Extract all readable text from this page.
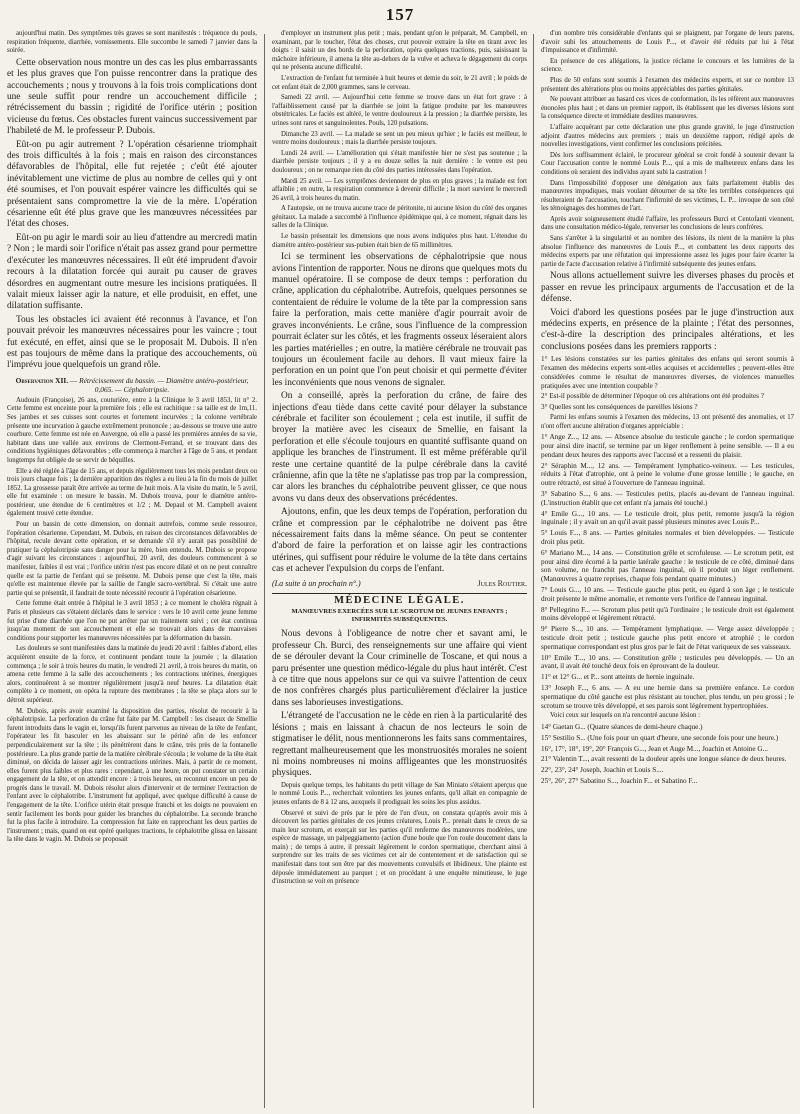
157

aujourd'hui matin. Des symptômes très graves se sont manifestés : fréquence du pouls, respiration fréquente, diarrhée, vomissements. Elle succombe le samedi 7 janvier dans la soirée.

Cette observation nous montre un des cas les plus embarrassants et les plus graves que l'on puisse rencontrer dans la pratique des accouchements ; nous y trouvons à la fois trois complications dont une seule suffit pour rendre un accouchement difficile ; rétrécissement du bassin ; rigidité de l'orifice utérin ; position vicieuse du fœtus. Ces obstacles furent vaincus successivement par l'habileté de M. le professeur P. Dubois.

Eût-on pu agir autrement ? L'opération césarienne triomphait des trois difficultés à la fois ; mais en raison des circonstances défavorables de l'hôpital, elle fut rejetée ; c'eût été ajouter inévitablement une victime de plus au nombre de celles qui y ont été soumises, et l'on pouvait espérer vaincre les difficultés qui se présentaient sans compromettre la vie de la mère. L'opération césarienne eût été plus grave que les manœuvres nécessitées par l'état des choses.

Eût-on pu agir le mardi soir au lieu d'attendre au mercredi matin ? Non ; le mardi soir l'orifice n'était pas assez grand pour permettre d'exécuter les manœuvres nécessaires. Il eût été imprudent d'avoir recours à la dilatation forcée qui aurait pu causer de graves désordres en augmentant outre mesure les incisions pratiquées. Il valait mieux laisser agir la nature, et elle produisit, en effet, une dilatation suffisante.

Tous les obstacles ici avaient été reconnus à l'avance, et l'on pouvait prévoir les manœuvres nécessaires pour les vaincre ; tout fut exécuté, en effet, ainsi que se le proposait M. Dubois. Il n'en est pas toujours de même dans la pratique des accouchements, où l'imprévu joue quelquefois un grand rôle.

Observation XII. — Rétrécissement du bassin. — Diamètre antéro-postérieur, 0,065. — Céphalotripsie.

Audouin (Françoise), 26 ans, couturière, entre à la Clinique le 3 avril 1853, lit n° 2. Cette femme est enceinte pour la première fois ; elle est rachitique : sa taille est de 1m,11. Ses jambes et ses cuisses sont courtes et fortement incurvées ; la colonne vertébrale présente une incurvation à gauche extrêmement prononcée ; au-dessous se trouve une autre courbure. Cette femme est née en Auvergne, où elle a passé les premières années de sa vie, habitant dans une vallée aux environs de Clermont-Ferrand, et se trouvant dans des conditions hygiéniques défavorables ; elle commença à marcher à l'âge de 5 ans, et pendant longtemps fut obligée de se servir de béquilles.

Elle a été réglée à l'âge de 15 ans, et depuis régulièrement tous les mois pendant deux ou trois jours chaque fois ; la dernière apparition des règles a eu lieu à la fin du mois de juillet 1852. La grossesse paraît être arrivée au terme de huit mois. A la visite du matin, le 5 avril, elle fut examinée : on mesure le bassin. M. Dubois trouva, pour le diamètre antéro-postérieur, une étendue de 6 centimètres et 1/2 ; M. Depaul et M. Campbell avaient également trouvé cette étendue.

Pour un bassin de cette dimension, on donnait autrefois, comme seule ressource, l'opération césarienne. Cependant, M. Dubois, en raison des circonstances défavorables de l'hôpital, recule devant cette opération, et se demande s'il n'y aurait pas possibilité de pratiquer la céphalotripsie sans danger pour la mère, bien entendu. M. Dubois se propose d'agir suivant les circonstances : aujourd'hui, 20 avril, des douleurs commencent à se manifester, faibles il est vrai ; l'orifice utérin n'est pas encore dilaté et on ne peut connaître quelle est la partie de l'enfant qui se présente. M. Dubois pense que c'est la tête, mais qu'elle est maintenue élevée par la saillie de l'angle sacro-vertébral. Si c'était une autre partie qui se présentât, il faudrait de toute nécessité recourir à l'opération césarienne.

Cette femme était entrée à l'hôpital le 3 avril 1853 ; à ce moment le choléra régnait à Paris et plusieurs cas s'étaient déclarés dans le service : vers le 10 avril cette jeune femme fut prise d'une diarrhée que l'on ne put arrêter par un traitement suivi ; cet état continua jusqu'au moment de son accouchement et elle se trouvait alors dans de mauvaises conditions pour supporter les manœuvres nécessitées par la déformation du bassin.

Les douleurs se sont manifestées dans la matinée du jeudi 20 avril : faibles d'abord, elles acquièrent ensuite de la force, et continuent pendant toute la journée ; la dilatation commença ; le soir à trois heures du matin, le vendredi 21 avril, à trois heures du matin, on amena cette femme à la salle des accouchements ; les contractions utérines, énergiques alors, continuèrent à se montrer régulièrement jusqu'à neuf heures. La dilatation était complète à ce moment, on opéra la rupture des membranes ; la tête se plaça alors sur le détroit supérieur.

M. Dubois, après avoir examiné la disposition des parties, résolut de recourir à la céphalotripsie. La perforation du crâne fut faite par M. Campbell : les ciseaux de Smellie furent introduits dans le vagin et, lorsqu'ils furent parvenus au niveau de la tête de l'enfant, l'opérateur les fit basculer en les abaissant sur le périné afin de les enfoncer perpendiculairement sur la tête ; ils pénétrèrent dans le crâne, très près de la fontanelle postérieure. La plus grande partie de la matière cérébrale s'écoula ; le volume de la tête était diminué, on décida de laisser agir les contractions utérines. Mais, à partir de ce moment, elles furent plus faibles et plus rares : cependant, à une heure, on put constater un certain engagement de la tête, et on attendit encore : à trois heures, on reconnut encore un peu de progrès dans le travail. M. Dubois résolut alors d'intervenir et de terminer l'extraction de l'enfant avec le céphalotribe. L'instrument fut appliqué, avec quelque difficulté à cause de l'engagement de la tête. L'orifice utérin était presque franchi et les doigts ne pouvaient en sentir facilement les bords pour guider les branches du céphalotribe. La seconde branche fut la plus facile à introduire. La compression fut faite en rapprochant les deux parties de l'instrument ; mais, quand on eut opéré quelques tractions, le céphalotribe glissa en laissant la tête dans le vagin. M. Dubois se proposait

d'employer un instrument plus petit ; mais, pendant qu'on le préparait, M. Campbell, en examinant, par le toucher, l'état des choses, crut pouvoir extraire la tête en tirant avec les doigts : il saisit un des bords de la perforation, opéra quelques tractions, puis, saisissant la mâchoire inférieure, il amena la tête au-dehors de la vulve et acheva le dégagement du corps qui ne présenta aucune difficulté.

L'extraction de l'enfant fut terminée à huit heures et demie du soir, le 21 avril ; le poids de cet enfant était de 2,000 grammes, sans le cerveau.

Samedi 22 avril. — Aujourd'hui cette femme se trouve dans un état fort grave : à l'affaiblissement causé par la diarrhée se joint la fatigue produite par les manœuvres obstétricales. Le faciès est altéré, le ventre douloureux à la pression ; la diarrhée persiste, les urines sont rares et sanguinolentes. Pouls, 120 pulsations.

Dimanche 23 avril. — La malade se sent un peu mieux qu'hier ; le faciès est meilleur, le ventre moins douloureux ; mais la diarrhée persiste toujours.

Lundi 24 avril. — L'amélioration qui s'était manifestée hier ne s'est pas soutenue ; la diarrhée persiste toujours ; il y a eu douze selles la nuit dernière : le ventre est peu douloureux ; on ne remarque rien du côté des parties intéressées dans l'opération.

Mardi 25 avril. — Les symptômes deviennent de plus en plus graves ; la malade est fort affaiblie ; en outre, la respiration commence à devenir difficile ; la mort survient le mercredi 26 avril, à trois heures du matin.

A l'autopsie, on ne trouva aucune trace de péritonite, ni aucune lésion du côté des organes génitaux. La malade a succombé à l'influence épidémique qui, à ce moment, régnait dans les salles de la Clinique.

Le bassin présentait les dimensions que nous avons indiquées plus haut. L'étendue du diamètre antéro-postérieur sus-pubien était bien de 65 millimètres.

Ici se terminent les observations de céphalotripsie que nous avions l'intention de rapporter. Nous ne dirons que quelques mots du manuel opératoire. Il se compose de deux temps : perforation du crâne, application du céphalotribe. Autrefois, quelques personnes se contentaient de réduire le volume de la tête par la compression sans faire la perforation, mais cette manière d'agir pourrait avoir de graves inconvénients. Le crâne, sous l'influence de la compression pourrait éclater sur les côtés, et les fragments osseux léseraient alors les parties matérielles ; en outre, la matière cérébrale ne trouvait pas toujours un écoulement facile au dehors. Il vaut mieux faire la perforation en un point que l'on peut choisir et qui permette d'éviter les inconvénients que nous venons de signaler.

On a conseillé, après la perforation du crâne, de faire des injections d'eau tiède dans cette cavité pour délayer la substance cérébrale et faciliter son écoulement ; cela est inutile, il suffit de broyer la matière avec les ciseaux de Smellie, en faisant la perforation et elle s'écoule toujours en quantité suffisante quand on applique les branches de l'instrument. Il est même préférable qu'il reste une certaine quantité de la pulpe cérébrale dans la cavité crânienne, afin que la tête ne s'aplatisse pas trop par la compression, car alors les branches du céphalotribe peuvent glisser, ce que nous avons vu dans deux des observations précédentes.

Ajoutons, enfin, que les deux temps de l'opération, perforation du crâne et compression par le céphalotribe ne doivent pas être nécessairement faits dans la même séance. On peut se contenter d'abord de faire la perforation et on laisse agir les contractions utérines, qui suffisent pour réduire le volume de la tête dans certains cas et achever l'expulsion du corps de l'enfant.

(La suite à un prochain n°.)	Jules Routier.
MÉDECINE LÉGALE.
MANŒUVRES EXERCÉES SUR LE SCROTUM DE JEUNES ENFANTS ; INFIRMITÉS SUBSÉQUENTES.

Nous devons à l'obligeance de notre cher et savant ami, le professeur Ch. Burci, des renseignements sur une affaire qui vient de se dérouler devant la Cour criminelle de Toscane, et qui nous a paru présenter une question médico-légale du plus haut intérêt. C'est à ce titre que nous appelons sur ce qui va suivre l'attention de ceux de nos confrères chargés plus particulièrement d'éclairer la justice dans ses laborieuses investigations.

L'étrangeté de l'accusation ne le cède en rien à la particularité des lésions ; mais en laissant à chacun de nos lecteurs le soin de stigmatiser le délit, nous mentionnerons les faits sans commentaires, regrettant malheureusement que les monstruosités morales ne soient ni moins nombreuses ni moins affligeantes que les monstruosités physiques.

Depuis quelque temps, les habitants du petit village de San Miniato s'étaient aperçus que le nommé Louis P..., recherchait volontiers les jeunes enfants, qu'il allait en compagnie de jeunes enfants de 8 à 12 ans, auxquels il prodiguait les soins les plus assidus.

Observé et suivi de près par le père de l'un d'eux, on constata qu'après avoir mis à découvert les parties génitales de ces jeunes créatures, Louis P... prenait dans le creux de sa main leur scrotum, et exerçait sur les parties qu'il renferme des manœuvres modérées, une espèce de massage, un palpeggiamento (action d'une boule que l'on roule doucement dans la main) ; de temps à autre, il pressait légèrement le cordon spermatique, cherchant ainsi à surprendre sur les traits de ses victimes cet air de contentement et de satisfaction qui se manifestait dans tout son être par des mouvements convulsifs et libidineux. Une plainte est déposée immédiatement au parquet ; et on procédant à une enquête minutieuse, le juge d'instruction se voit en présence

d'un nombre très considérable d'enfants qui se plaignent, par l'organe de leurs parens, d'avoir subi les attouchements de Louis P..., et d'avoir été réduits par lui à l'état d'impuissance et d'infirmité.

En présence de ces allégations, la justice réclame le concours et les lumières de la science.

Plus de 50 enfans sont soumis à l'examen des médecins experts, et sur ce nombre 13 présentent des altérations plus ou moins appréciables des parties génitales.

Ne pouvant attribuer au hasard ces vices de conformation, ils les réfèrent aux manœuvres énoncées plus haut ; et dans un premier rapport, ils établissent que les diverses lésions sont la conséquence directe et immédiate desdites manœuvres.

L'affaire acquérant par cette déclaration une plus grande gravité, le juge d'instruction adjoint d'autres médecins aux premiers ; mais un deuxième rapport, rédigé après de nouvelles investigations, vient confirmer les conclusions précitées.

Dès lors suffisamment éclairé, le procureur général se croit fondé à soutenir devant la Cour l'accusation contre le nommé Louis P..., qui a mis de malheureux enfans dans les conditions où seraient des individus ayant subi la castration !

Dans l'impossibilité d'opposer une dénégation aux faits parfaitement établis des manœuvres impudiques, mais voulant détourner de sa tête les terribles conséquences qui résulteraient de l'accusation, touchant l'infirmité de ses victimes, L. P... invoque de son côté les témoignages des hommes de l'art.

Après avoir soigneusement étudié l'affaire, les professeurs Burci et Centofanti viennent, dans une consultation médico-légale, renverser les conclusions de leurs confrères.

Sans s'arrêter à la singularité et au nombre des lésions, ils nient de la manière la plus absolue l'influence des manœuvres de Louis P..., et combattent les deux rapports des médecins experts par une réfutation qui impressionne assez les juges pour faire écarter la partie de l'acte d'accusation relative à l'infirmité subséquente des jeunes enfans.

Nous allons actuellement suivre les diverses phases du procès et passer en revue les principaux arguments de l'accusation et de la défense.

Voici d'abord les questions posées par le juge d'instruction aux médecins experts, en présence de la plainte ; l'état des personnes, c'est-à-dire la description des principales altérations, et les conclusions posées dans les premiers rapports :

1° Les lésions constatées sur les parties génitales des enfans qui seront soumis à l'examen des médecins experts sont-elles acquises et accidentelles ; peuvent-elles être considérées comme le résultat de manœuvres diverses, de violences manuelles pratiquées avec une intention coupable ?

2° Est-il possible de déterminer l'époque où ces altérations ont été produites ?

3° Quelles sont les conséquences de pareilles lésions ?

Parmi les enfans soumis à l'examen des médecins, 13 ont présenté des anomalies, et 17 n'ont offert aucune altération d'organes appréciable :

1° Ange Z..., 12 ans. — Absence absolue du testicule gauche ; le cordon spermatique pour ainsi dire inactif, se termine par un léger renflement à peine sensible. — Il a eu pendant deux heures des rapports avec l'accusé et a ressenti du plaisir.

2° Séraphin M..., 12 ans. — Tempérament lymphatico-veineux. — Les testicules, réduits à l'état d'atrophie, ont à peine le volume d'une grosse lentille ; le gauche, en outre rétracté, est situé à l'ouverture de l'anneau inguinal.

3° Sabatino S..., 6 ans. — Testicules petits, placés au-devant de l'anneau inguinal. (L'instruction établit que cet enfant n'a jamais été touché.)

4° Emile G..., 10 ans. — Le testicule droit, plus petit, remonte jusqu'à la région inguinale ; il y avait un an qu'il avait passé plusieurs minutes avec Louis P...

5° Louis F..., 8 ans. — Parties génitales normales et bien développées. — Testicule droit plus petit.

6° Mariano M..., 14 ans. — Constitution grêle et scrofuleuse. — Le scrotum petit, est pour ainsi dire écorné à la partie latérale gauche : le testicule de ce côté, diminué dans son volume, ne franchit pas l'anneau inguinal, où il produit un léger renflement. (Manœuvres à quatre reprises, chaque fois pendant quatre minutes.)

7° Louis G..., 10 ans. — Testicule gauche plus petit, eu égard à son âge ; le testicule droit présente le même anomalie, et remonte vers l'orifice de l'anneau inguinal.

8° Pellegrino F... — Scrotum plus petit qu'à l'ordinaire ; le testicule droit est également moins développé et légèrement rétracté.

9° Pierre S..., 10 ans. — Tempérament lymphatique. — Verge assez développée ; testicule droit petit ; testicule gauche plus petit encore et atrophié ; le cordon spermatique correspondant est plus gros par le fait de l'état variqueux de ses vaisseaux.

10° Emile T..., 10 ans. — Constitution grêle ; testicules peu développés. — Un an avant, il avait été touché deux fois en éprouvant de la douleur.

11° et 12° G... et P... sont atteints de hernie inguinale.

13° Joseph F..., 6 ans. — A eu une hernie dans sa première enfance. Le cordon spermatique du côté gauche est plus résistant au toucher, plus tendu, un peu grossi ; le scrotum se trouve très développé, et ses parois sont légèrement hypertrophiées.

Voici ceux sur lesquels on n'a rencontré aucune lésion :

14° Gaetan G... (Quatre séances de demi-heure chaque.)

15° Sestilio S... (Une fois pour un quart d'heure, une seconde fois pour une heure.)

16°, 17°, 18°, 19°, 20° François G..., Jean et Auge M..., Joachin et Antoine G...

21° Valentin T..., avait ressenti de la douleur après une longue séance de deux heures.

22°, 23°, 24° Joseph, Joachin et Louis S....

25°, 26°, 27° Sabatino S..., Joachin F... et Sabatino F...
